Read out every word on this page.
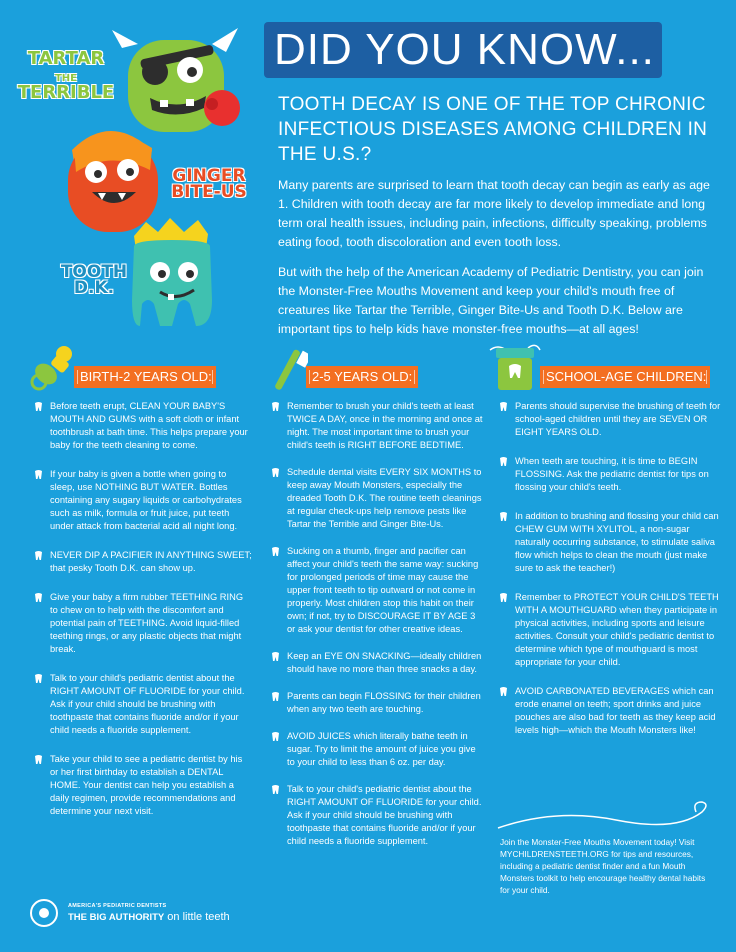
TARTAR
THE
TERRIBLE
GINGER
BITE-US
TOOTH
D.K.
DID YOU KNOW...
TOOTH DECAY IS ONE OF THE TOP CHRONIC INFECTIOUS DISEASES AMONG CHILDREN IN THE U.S.?

Many parents are surprised to learn that tooth decay can begin as early as age 1. Children with tooth decay are far more likely to develop immediate and long term oral health issues, including pain, infections, difficulty speaking, problems eating food, tooth discoloration and even tooth loss.

But with the help of the American Academy of Pediatric Dentistry, you can join the Monster-Free Mouths Movement and keep your child's mouth free of creatures like Tartar the Terrible, Ginger Bite-Us and Tooth D.K. Below are important tips to help kids have monster-free mouths—at all ages!

BIRTH-2 YEARS OLD:	2-5 YEARS OLD:	SCHOOL-AGE CHILDREN:
Before teeth erupt, CLEAN YOUR BABY'S MOUTH AND GUMS with a soft cloth or infant toothbrush at bath time. This helps prepare your baby for the teeth cleaning to come.
If your baby is given a bottle when going to sleep, use NOTHING BUT WATER. Bottles containing any sugary liquids or carbohydrates such as milk, formula or fruit juice, put teeth under attack from bacterial acid all night long.
NEVER DIP A PACIFIER IN ANYTHING SWEET; that pesky Tooth D.K. can show up.
Give your baby a firm rubber TEETHING RING to chew on to help with the discomfort and potential pain of TEETHING. Avoid liquid-filled teething rings, or any plastic objects that might break.
Talk to your child's pediatric dentist about the RIGHT AMOUNT OF FLUORIDE for your child. Ask if your child should be brushing with toothpaste that contains fluoride and/or if your child needs a fluoride supplement.
Take your child to see a pediatric dentist by his or her first birthday to establish a DENTAL HOME. Your dentist can help you establish a daily regimen, provide recommendations and determine your next visit.
Remember to brush your child's teeth at least TWICE A DAY, once in the morning and once at night. The most important time to brush your child's teeth is RIGHT BEFORE BEDTIME.
Schedule dental visits EVERY SIX MONTHS to keep away Mouth Monsters, especially the dreaded Tooth D.K. The routine teeth cleanings at regular check-ups help remove pests like Tartar the Terrible and Ginger Bite-Us.
Sucking on a thumb, finger and pacifier can affect your child's teeth the same way: sucking for prolonged periods of time may cause the upper front teeth to tip outward or not come in properly. Most children stop this habit on their own; if not, try to DISCOURAGE IT BY AGE 3 or ask your dentist for other creative ideas.
Keep an EYE ON SNACKING—ideally children should have no more than three snacks a day.
Parents can begin FLOSSING for their children when any two teeth are touching.
AVOID JUICES which literally bathe teeth in sugar. Try to limit the amount of juice you give to your child to less than 6 oz. per day.
Talk to your child's pediatric dentist about the RIGHT AMOUNT OF FLUORIDE for your child. Ask if your child should be brushing with toothpaste that contains fluoride and/or if your child needs a fluoride supplement.
Parents should supervise the brushing of teeth for school-aged children until they are SEVEN OR EIGHT YEARS OLD.
When teeth are touching, it is time to BEGIN FLOSSING. Ask the pediatric dentist for tips on flossing your child's teeth.
In addition to brushing and flossing your child can CHEW GUM WITH XYLITOL, a non-sugar naturally occurring substance, to stimulate saliva flow which helps to clean the mouth (just make sure to ask the teacher!)
Remember to PROTECT YOUR CHILD'S TEETH WITH A MOUTHGUARD when they participate in physical activities, including sports and leisure activities. Consult your child's pediatric dentist to determine which type of mouthguard is most appropriate for your child.
AVOID CARBONATED BEVERAGES which can erode enamel on teeth; sport drinks and juice pouches are also bad for teeth as they keep acid levels high—which the Mouth Monsters like!
Join the Monster-Free Mouths Movement today! Visit MYCHILDRENSTEETH.ORG for tips and resources, including a pediatric dentist finder and a fun Mouth Monsters toolkit to help encourage healthy dental habits for your child.
AMERICA'S PEDIATRIC DENTISTS
THE BIG AUTHORITY on little teeth
